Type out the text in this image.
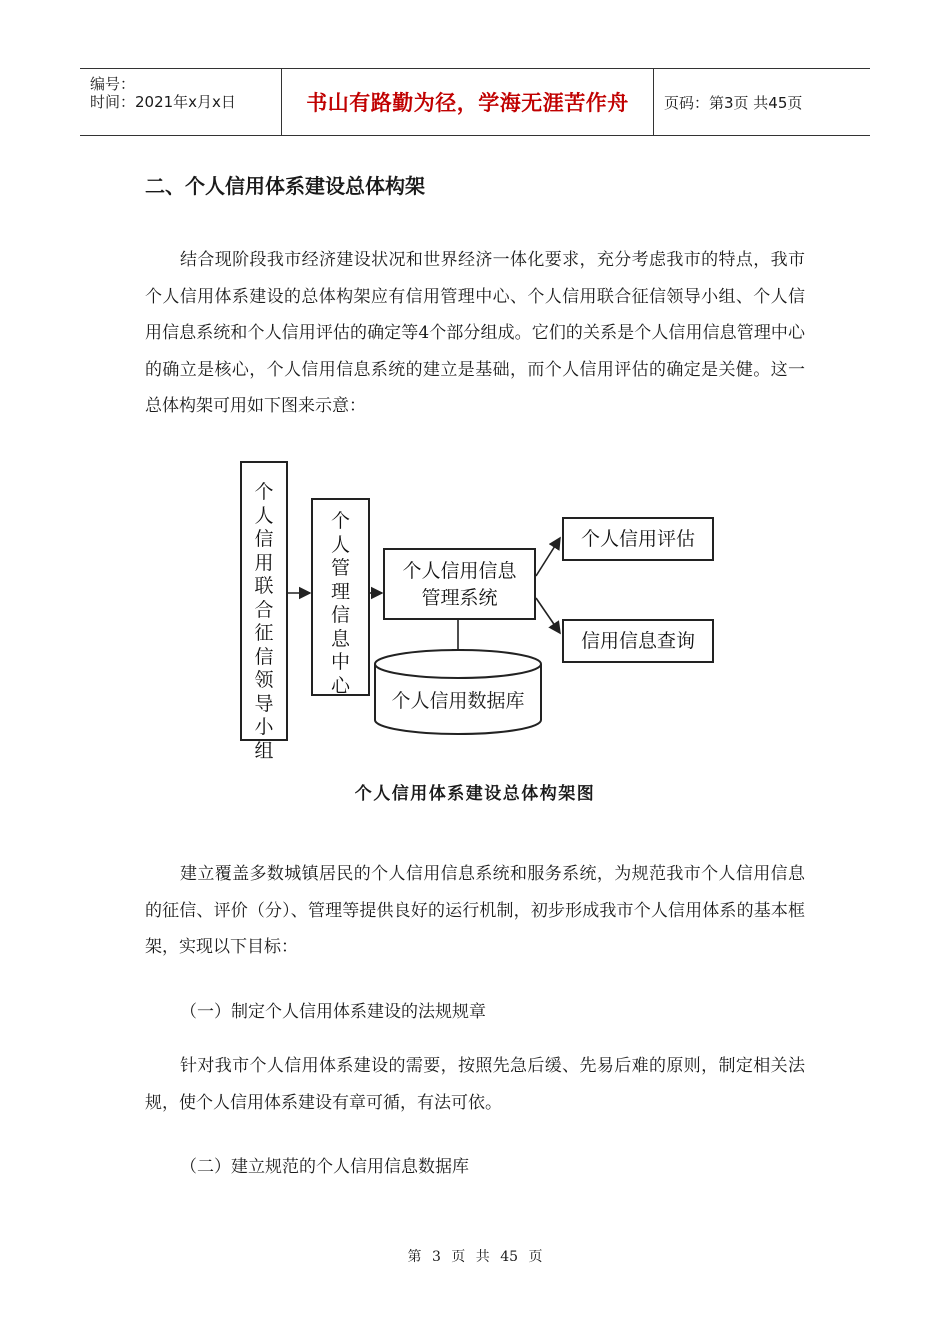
编号：
时间：2021年x月x日	书山有路勤为径，学海无涯苦作舟	页码：第3页 共45页
二、个人信用体系建设总体构架

结合现阶段我市经济建设状况和世界经济一体化要求，充分考虑我市的特点，我市个人信用体系建设的总体构架应有信用管理中心、个人信用联合征信领导小组、个人信用信息系统和个人信用评估的确定等4个部分组成。它们的关系是个人信用信息管理中心的确立是核心，个人信用信息系统的建立是基础，而个人信用评估的确定是关健。这一总体构架可用如下图来示意：

个人信用联合征信领导小组
个人管理信息中心
个人信用信息
管理系统
个人信用评估
信用信息查询
个人信用数据库
个人信用体系建设总体构架图

建立覆盖多数城镇居民的个人信用信息系统和服务系统，为规范我市个人信用信息的征信、评价（分）、管理等提供良好的运行机制，初步形成我市个人信用体系的基本框架，实现以下目标：

（一）制定个人信用体系建设的法规规章

针对我市个人信用体系建设的需要，按照先急后缓、先易后难的原则，制定相关法规，使个人信用体系建设有章可循，有法可依。

（二）建立规范的个人信用信息数据库

第 3 页 共 45 页
